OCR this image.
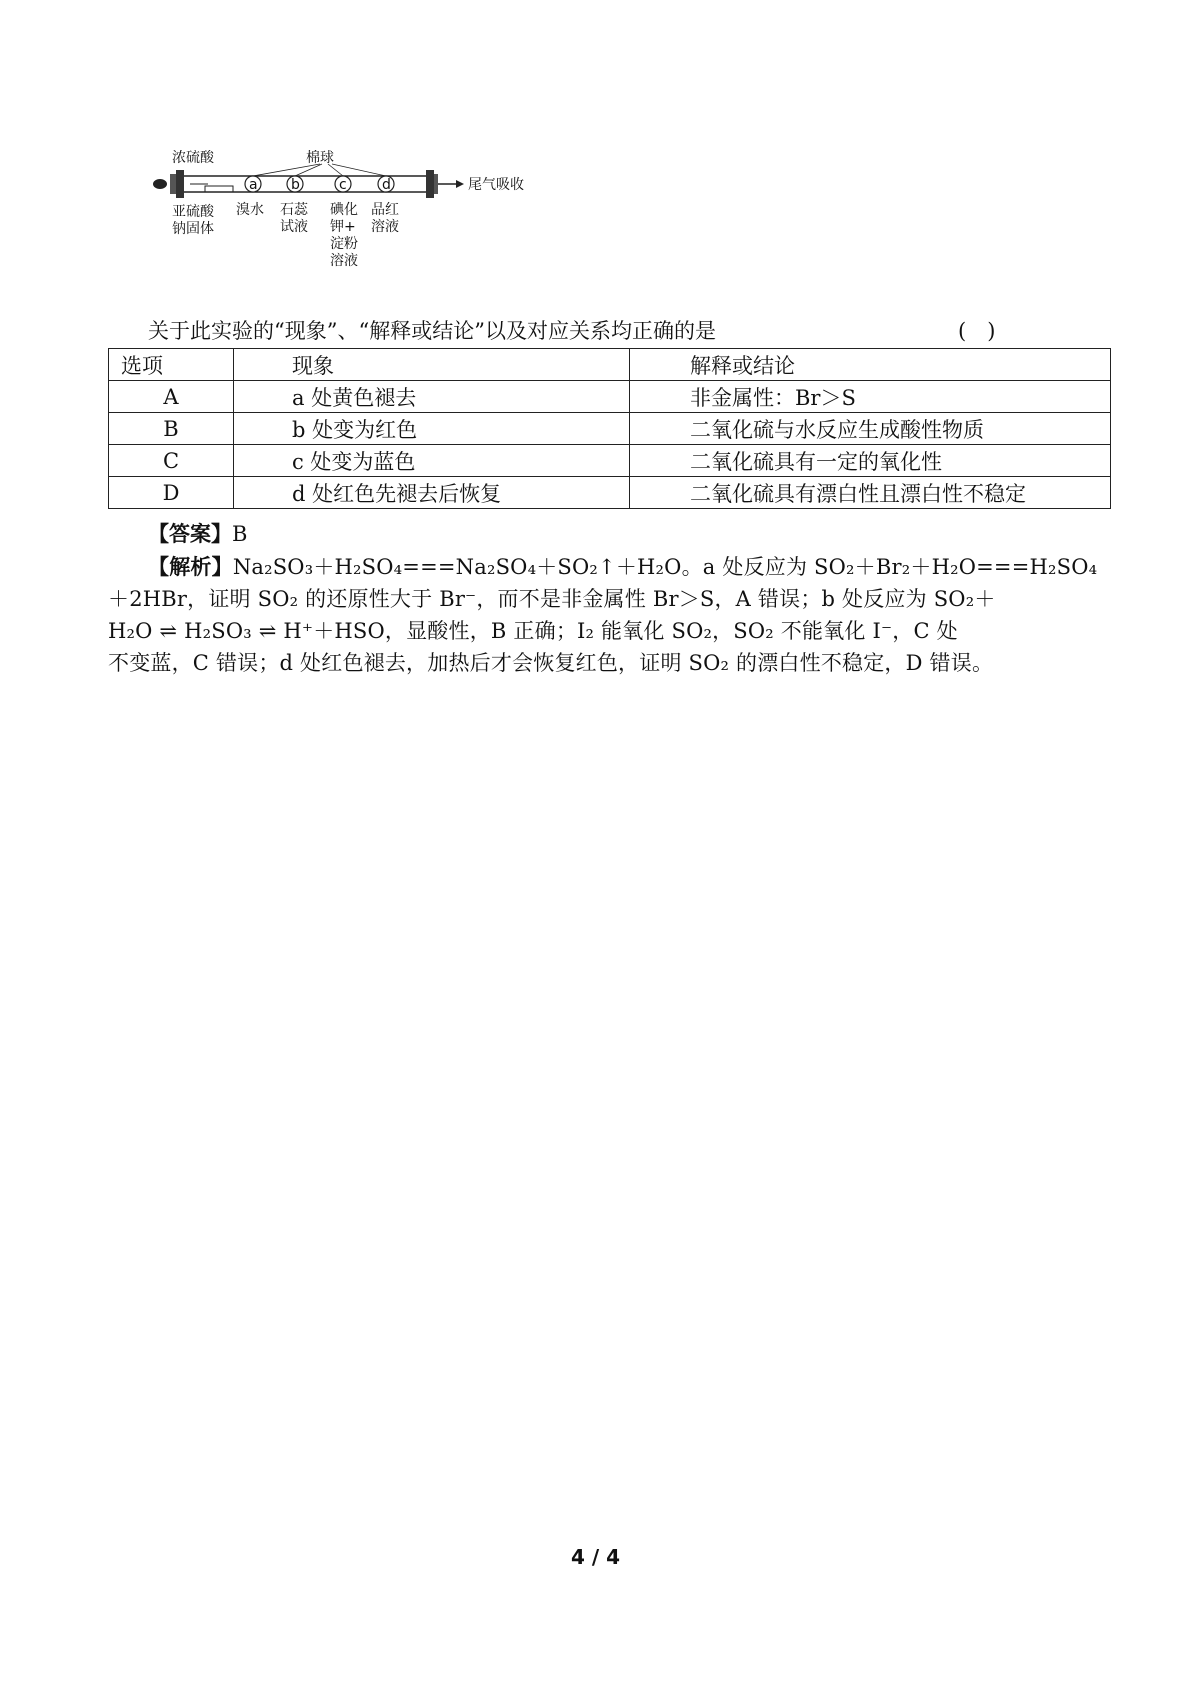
a b	c	d
浓硫酸	棉球
尾气吸收
亚硫酸
钠固体
溴水 石蕊
试液
碘化
钾+
淀粉
溶液
品红
溶液
关于此实验的“现象”、“解释或结论”以及对应关系均正确的是	(　)
选项	现象	解释或结论
A	a 处黄色褪去	非金属性：Br＞S
B	b 处变为红色	二氧化硫与水反应生成酸性物质
C	c 处变为蓝色	二氧化硫具有一定的氧化性
D	d 处红色先褪去后恢复	二氧化硫具有漂白性且漂白性不稳定
【答案】B
【解析】Na₂SO₃＋H₂SO₄===Na₂SO₄＋SO₂↑＋H₂O。a 处反应为 SO₂＋Br₂＋H₂O===H₂SO₄
＋2HBr，证明 SO₂ 的还原性大于 Br⁻，而不是非金属性 Br＞S，A 错误；b 处反应为 SO₂＋
H₂O ⇌ H₂SO₃ ⇌ H⁺＋HSO，显酸性，B 正确；I₂ 能氧化 SO₂，SO₂ 不能氧化 I⁻，C 处
不变蓝，C 错误；d 处红色褪去，加热后才会恢复红色，证明 SO₂ 的漂白性不稳定，D 错误。
4 / 4
